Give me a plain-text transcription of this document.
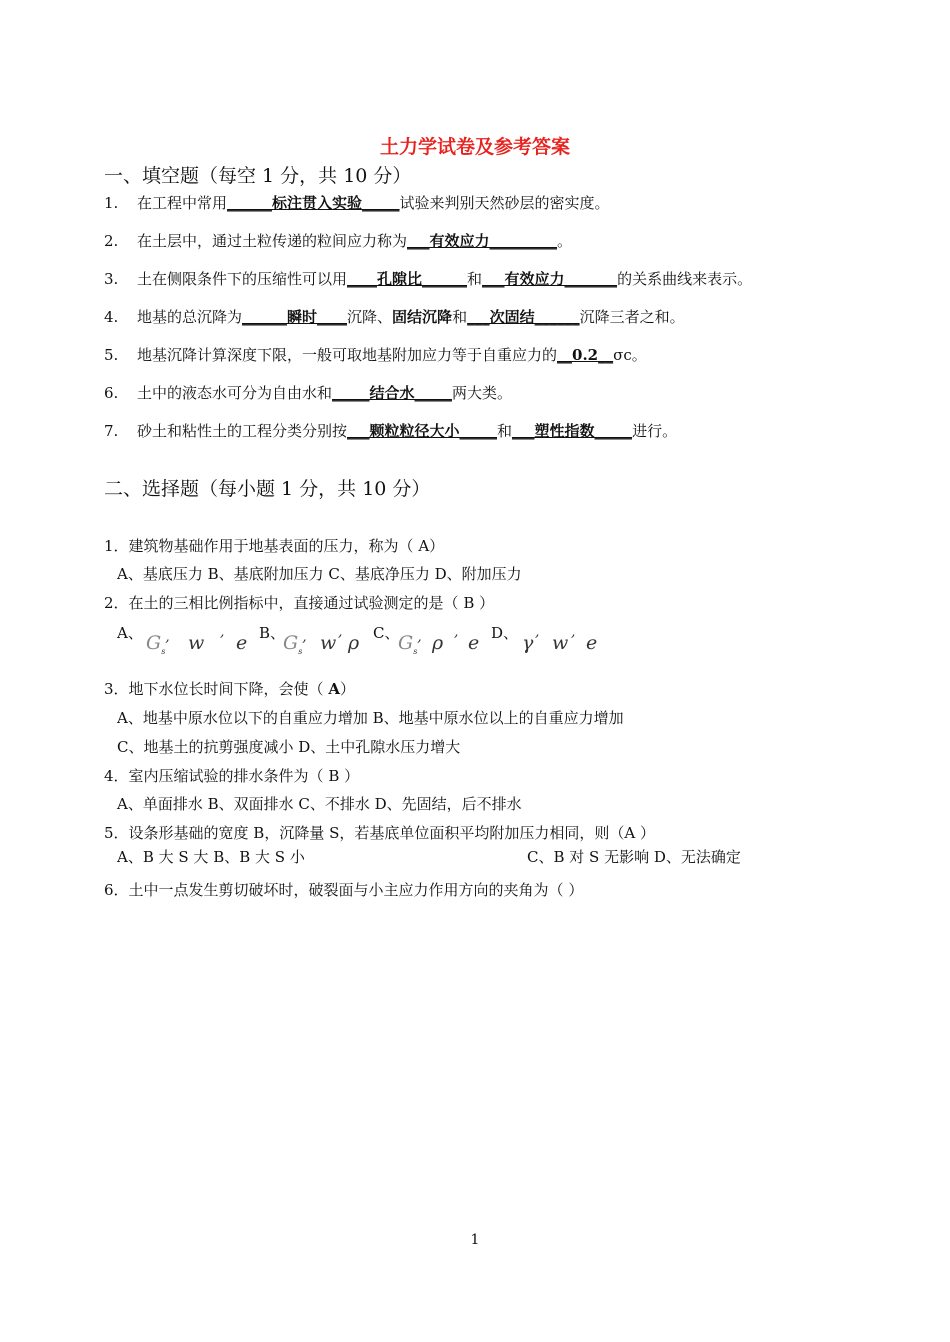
土力学试卷及参考答案
一、填空题（每空 1 分，共 10 分）
1. 在工程中常用______标注贯入实验_____试验来判别天然砂层的密实度。
2. 在土层中，通过土粒传递的粒间应力称为___有效应力_________。
3. 土在侧限条件下的压缩性可以用____孔隙比______和___有效应力_______的关系曲线来表示。
4. 地基的总沉降为______瞬时____沉降、固结沉降和___次固结______沉降三者之和。
5. 地基沉降计算深度下限，一般可取地基附加应力等于自重应力的__0.2__σc。
6. 土中的液态水可分为自由水和_____结合水_____两大类。
7. 砂土和粘性土的工程分类分别按___颗粒粒径大小_____和___塑性指数_____进行。
二、选择题（每小题 1 分，共 10 分）
1．建筑物基础作用于地基表面的压力，称为（ A）
A、基底压力 B、基底附加压力 C、基底净压力 D、附加压力
2．在土的三相比例指标中，直接通过试验测定的是（ B ）
A、 $G_s^,$ w , e B、
$G_s^,$ w , ρ C、
$G_s^,$ ρ , e D、 γ , w , e
3．地下水位长时间下降，会使（ A）
A、地基中原水位以下的自重应力增加 B、地基中原水位以上的自重应力增加
C、地基土的抗剪强度减小 D、土中孔隙水压力增大
4．室内压缩试验的排水条件为（ B ）
A、单面排水 B、双面排水 C、不排水 D、先固结，后不排水
5．设条形基础的宽度 B，沉降量 S，若基底单位面积平均附加压力相同，则（A ）
A、B 大 S 大 B、B 大 S 小	C、B 对 S 无影响 D、无法确定
6．土中一点发生剪切破坏时，破裂面与小主应力作用方向的夹角为（ ）
1
